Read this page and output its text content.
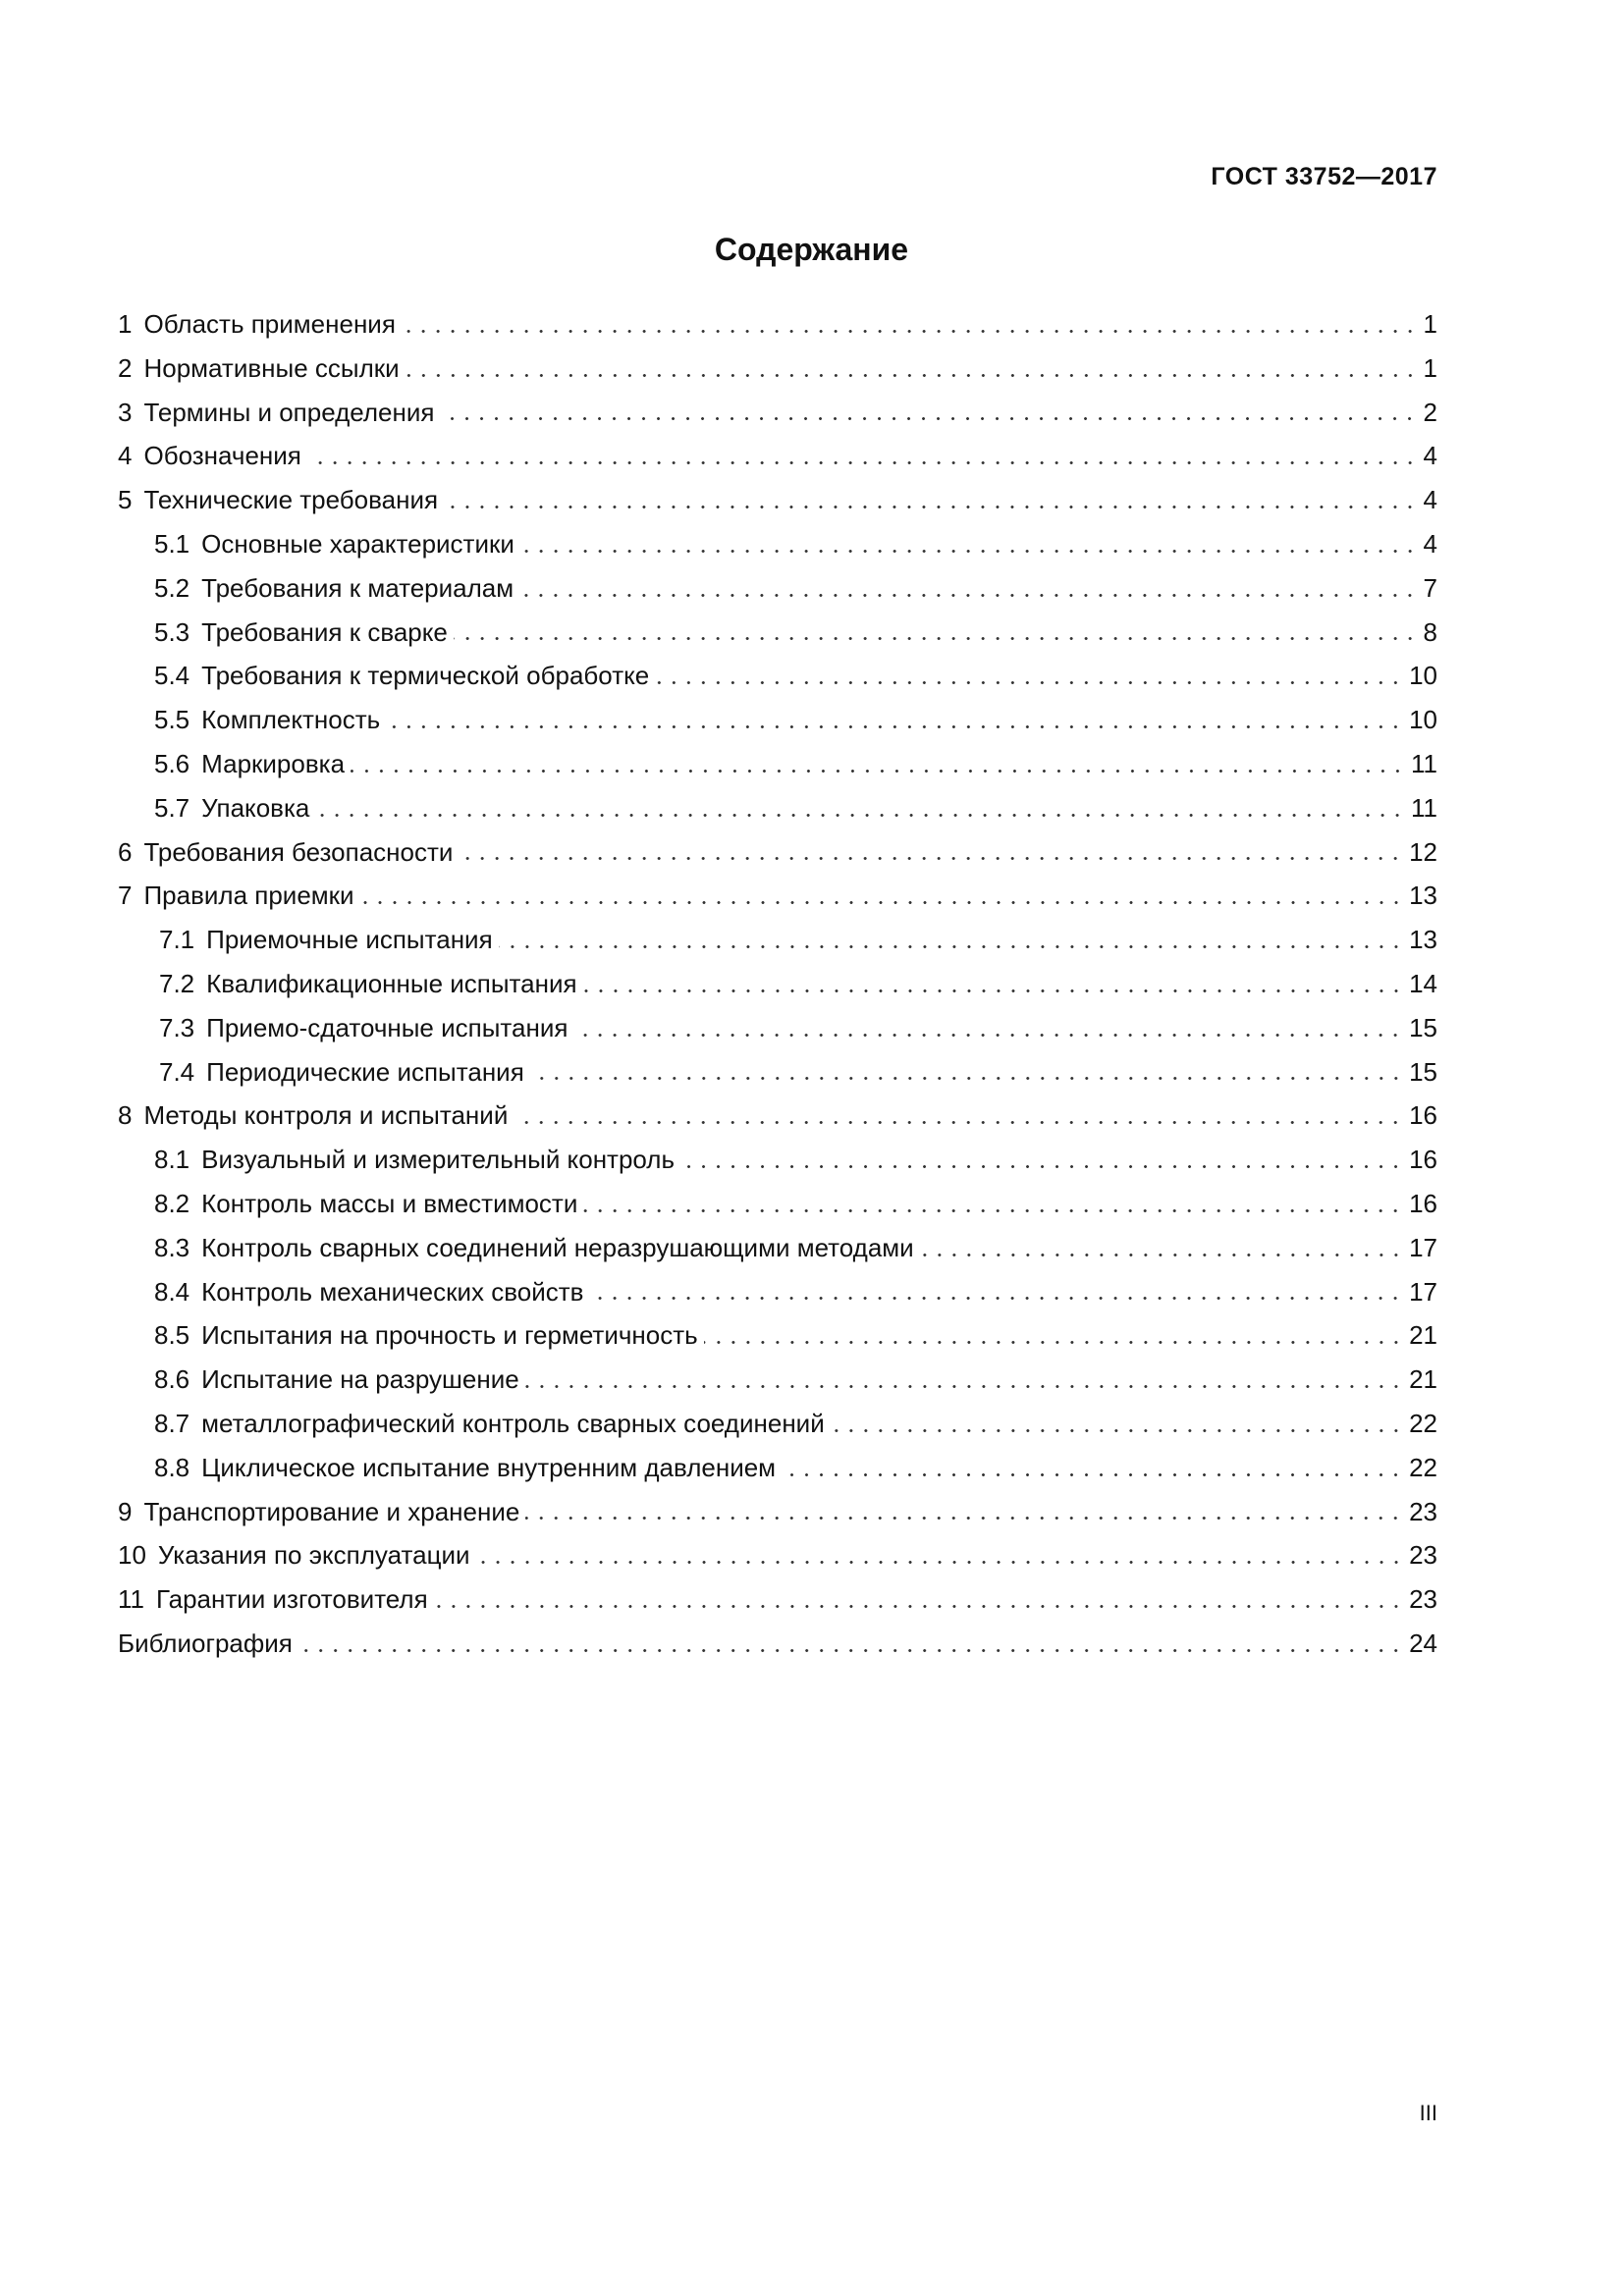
ГОСТ 33752—2017
Содержание
1 Область применения	1
2 Нормативные ссылки	1
3 Термины и определения	2
4 Обозначения	4
5 Технические требования	4
5.1 Основные характеристики	4
5.2 Требования к материалам	7
5.3 Требования к сварке	8
5.4 Требования к термической обработке	10
5.5 Комплектность	10
5.6 Маркировка	11
5.7 Упаковка	11
6 Требования безопасности	12
7 Правила приемки	13
7.1 Приемочные испытания	13
7.2 Квалификационные испытания	14
7.3 Приемо-сдаточные испытания	15
7.4 Периодические испытания	15
8 Методы контроля и испытаний	16
8.1 Визуальный и измерительный контроль	16
8.2 Контроль массы и вместимости	16
8.3 Контроль сварных соединений неразрушающими методами	17
8.4 Контроль механических свойств	17
8.5 Испытания на прочность и герметичность	21
8.6 Испытание на разрушение	21
8.7 металлографический контроль сварных соединений	22
8.8 Циклическое испытание внутренним давлением	22
9 Транспортирование и хранение	23
10 Указания по эксплуатации	23
11 Гарантии изготовителя	23
Библиография	24
III
